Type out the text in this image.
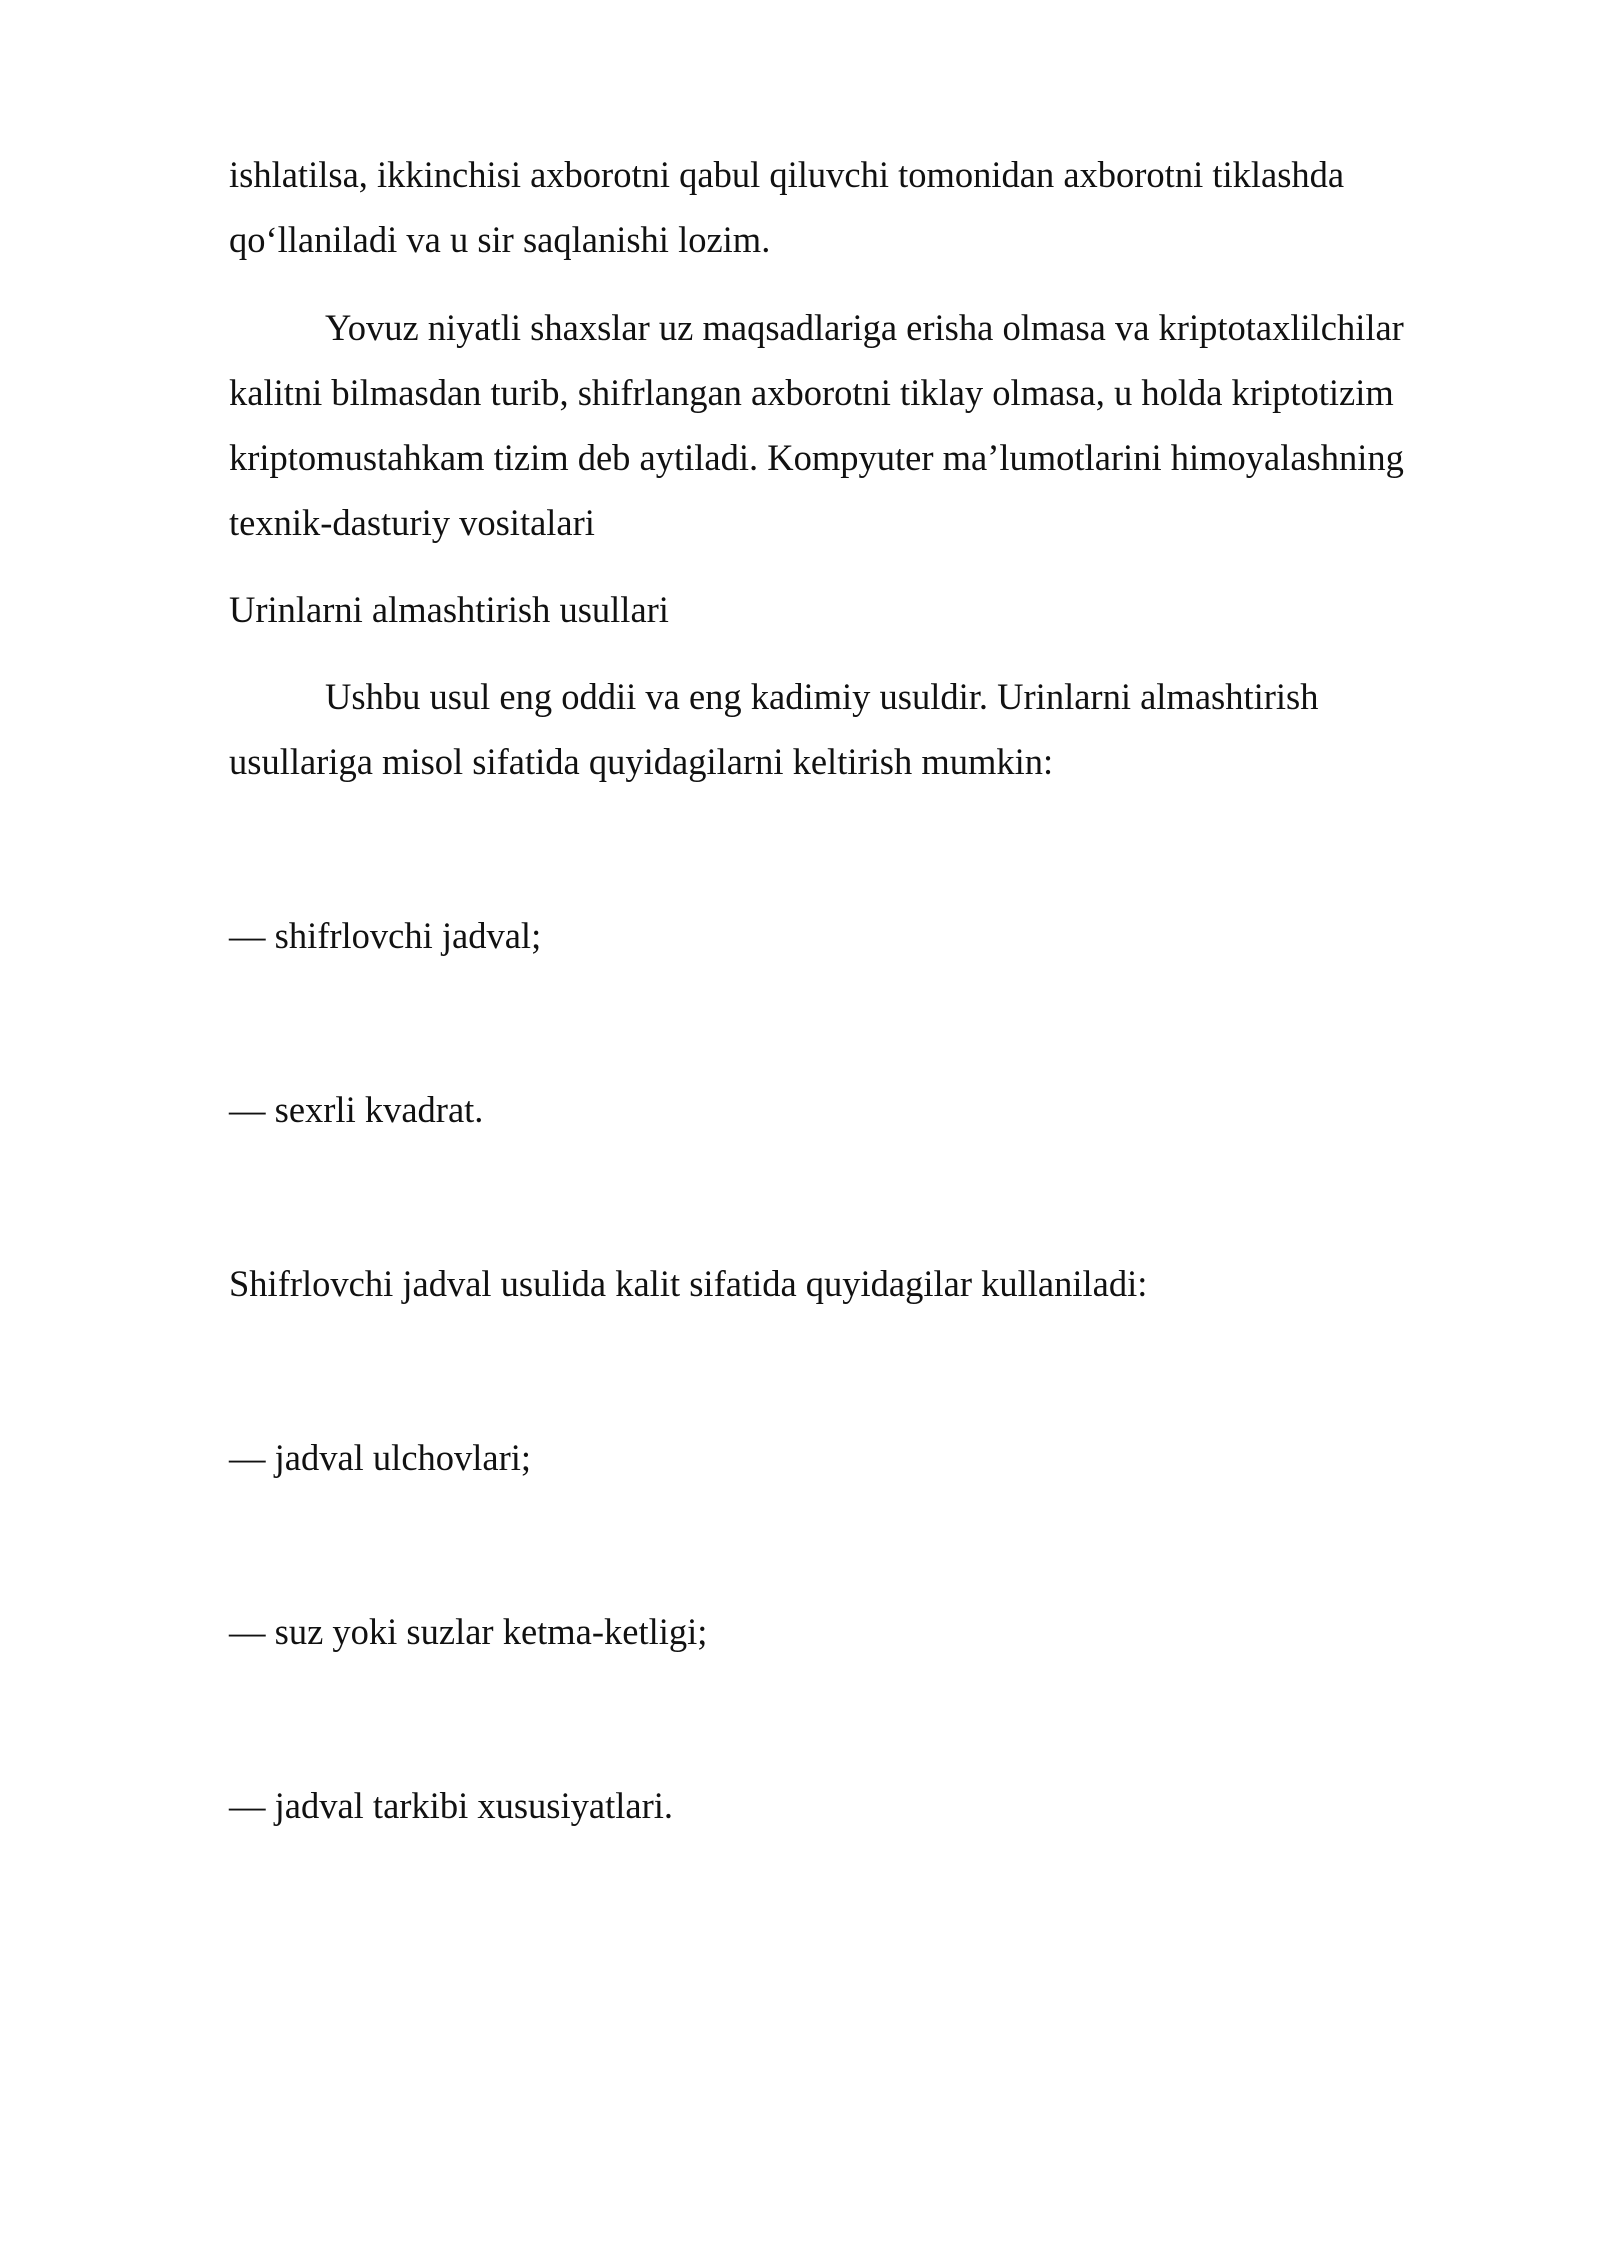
ishlatilsa, ikkinchisi axborotni qabul qiluvchi tomonidan axborotni tiklashda
qo‘llaniladi va u sir saqlanishi lozim.
Yovuz niyatli shaxslar uz maqsadlariga erisha olmasa va kriptotaxlilchilar
kalitni bilmasdan turib, shifrlangan axborotni tiklay olmasa, u holda kriptotizim
kriptomustahkam tizim deb aytiladi. Kompyuter ma’lumotlarini himoyalashning
texnik-dasturiy vositalari
Urinlarni almashtirish usullari
Ushbu usul eng oddii va eng kadimiy usuldir. Urinlarni almashtirish
usullariga misol sifatida quyidagilarni keltirish mumkin:
— shifrlovchi jadval;
— sexrli kvadrat.
Shifrlovchi jadval usulida kalit sifatida quyidagilar kullaniladi:
— jadval ulchovlari;
— suz yoki suzlar ketma-ketligi;
— jadval tarkibi xususiyatlari.
